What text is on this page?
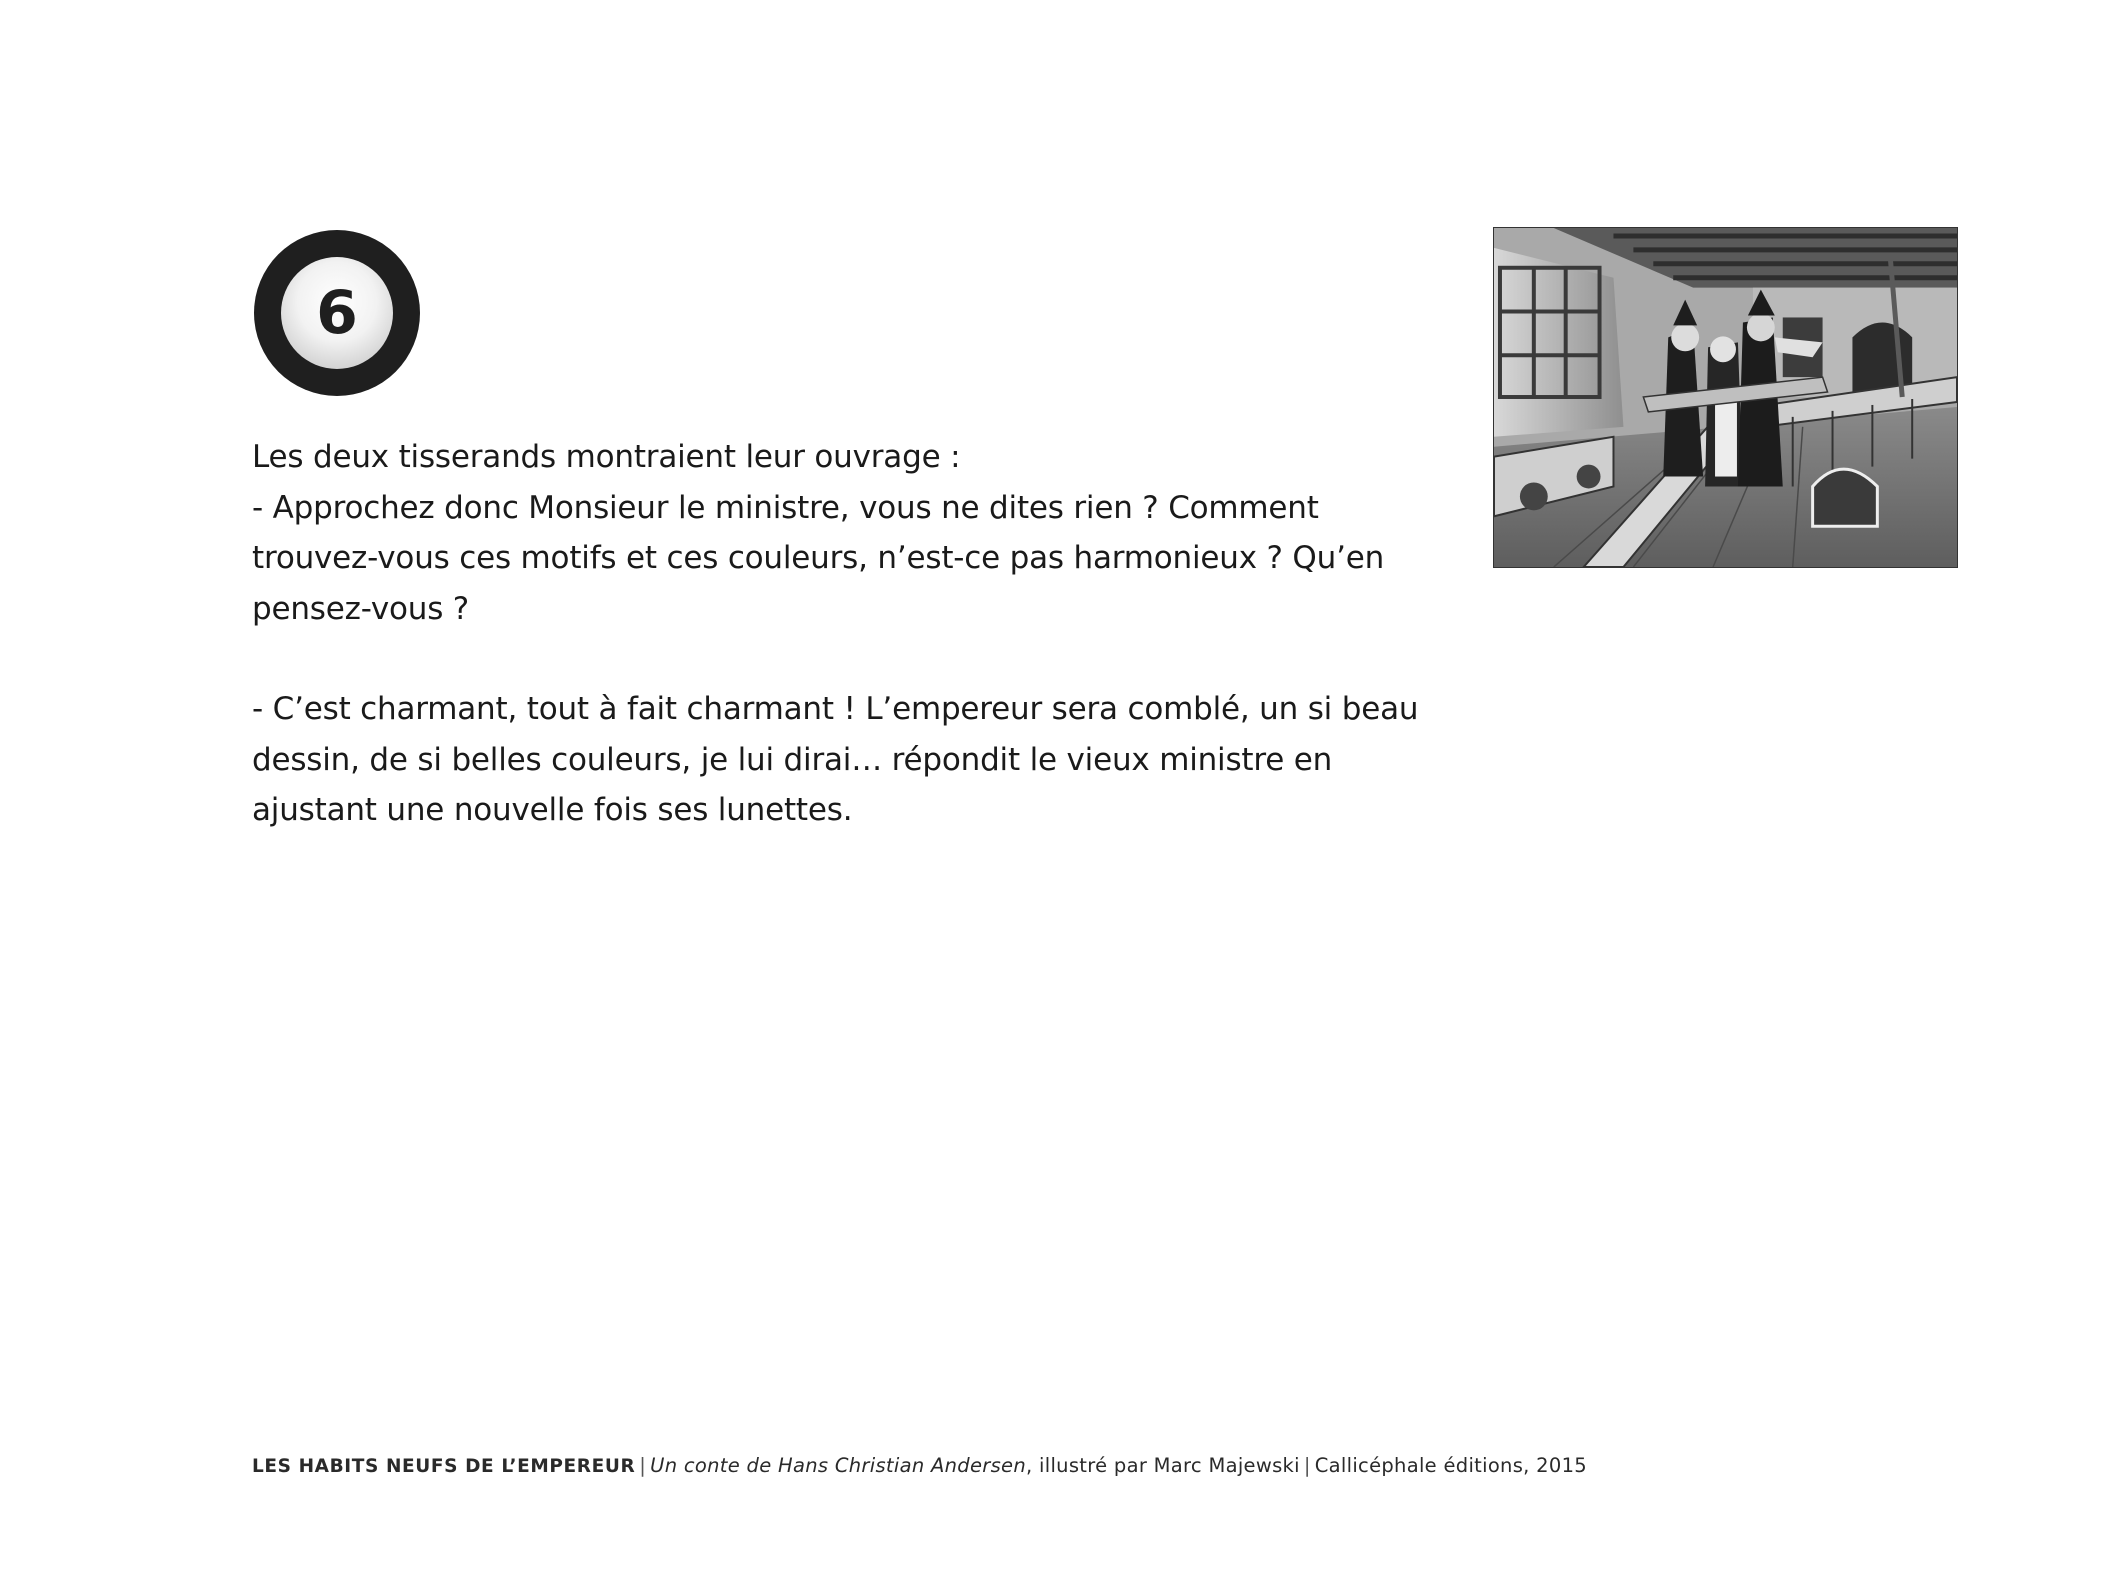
6

Les deux tisserands montraient leur ouvrage :
- Approchez donc Monsieur le ministre, vous ne dites rien ? Comment trouvez-vous ces motifs et ces couleurs, n’est-ce pas harmonieux ? Qu’en pensez-vous ?

- C’est charmant, tout à fait charmant ! L’empereur sera comblé, un si beau dessin, de si belles couleurs, je lui dirai… répondit le vieux ministre en ajustant une nouvelle fois ses lunettes.

LES HABITS NEUFS DE L’EMPEREUR | Un conte de Hans Christian Andersen, illustré par Marc Majewski | Callicéphale éditions, 2015
